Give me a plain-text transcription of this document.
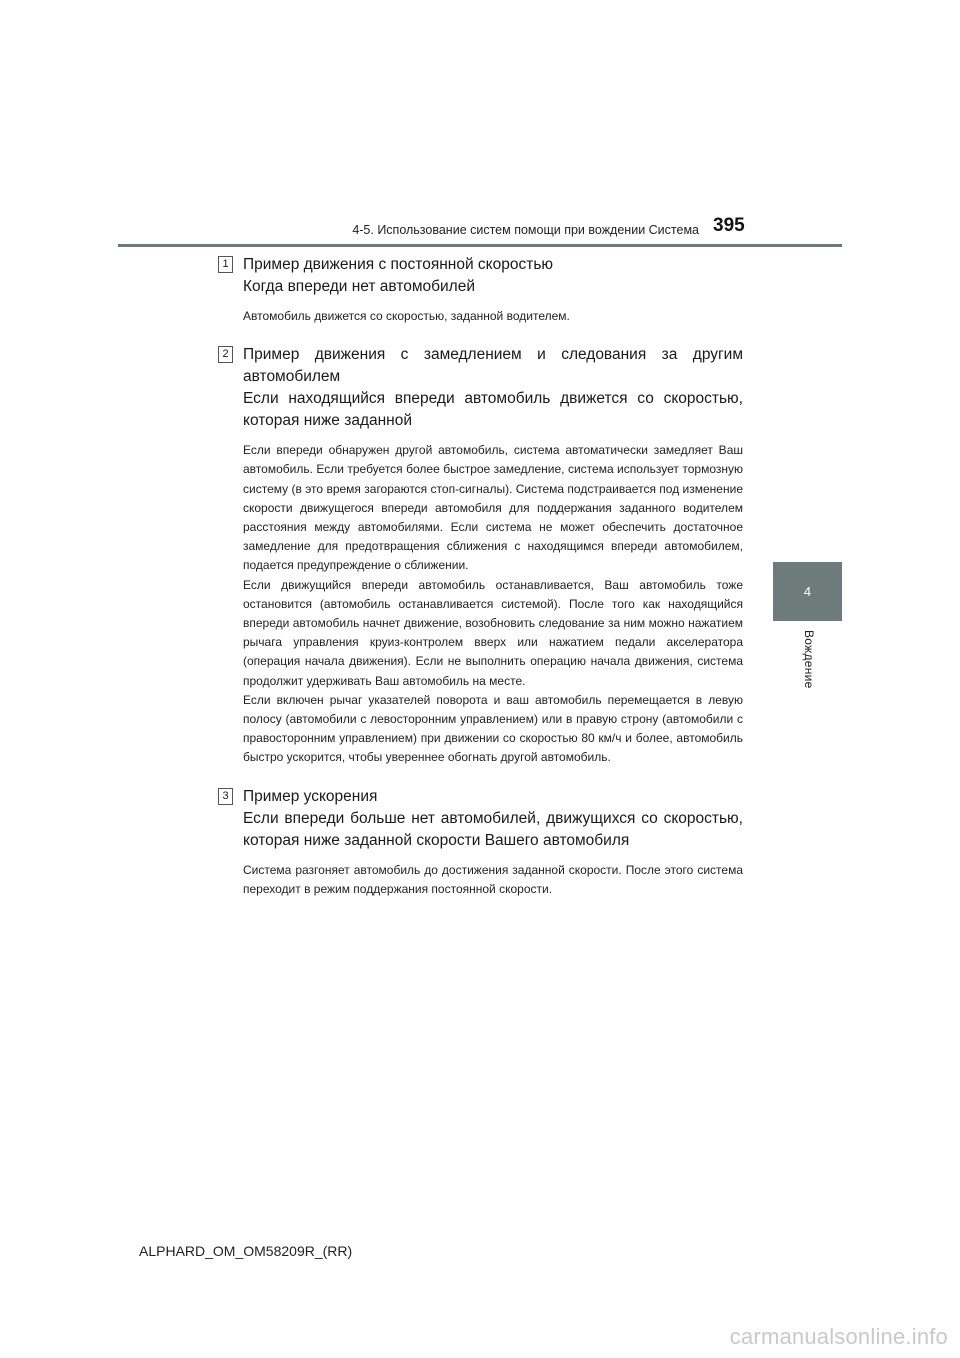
4-5. Использование систем помощи при вождении Система 395
4
Вождение
1 Пример движения с постоянной скоростью
Когда впереди нет автомобилей
Автомобиль движется со скоростью, заданной водителем.
2 Пример движения с замедлением и следования за другим автомобилем
Если находящийся впереди автомобиль движется со скоростью, которая ниже заданной
Если впереди обнаружен другой автомобиль, система автоматически замедляет Ваш автомобиль. Если требуется более быстрое замедление, система использует тормозную систему (в это время загораются стоп-сигналы). Система подстраивается под изменение скорости движущегося впереди автомобиля для поддержания заданного водителем расстояния между автомобилями. Если система не может обеспечить достаточное замедление для предотвращения сближения с находящимся впереди автомобилем, подается предупреждение о сближении.
Если движущийся впереди автомобиль останавливается, Ваш автомобиль тоже остановится (автомобиль останавливается системой). После того как находящийся впереди автомобиль начнет движение, возобновить следование за ним можно нажатием рычага управления круиз-контролем вверх или нажатием педали акселератора (операция начала движения). Если не выполнить операцию начала движения, система продолжит удерживать Ваш автомобиль на месте.
Если включен рычаг указателей поворота и ваш автомобиль перемещается в левую полосу (автомобили с левосторонним управлением) или в правую строну (автомобили с правосторонним управлением) при движении со скоростью 80 км/ч и более, автомобиль быстро ускорится, чтобы увереннее обогнать другой автомобиль.
3 Пример ускорения
Если впереди больше нет автомобилей, движущихся со скоростью, которая ниже заданной скорости Вашего автомобиля
Система разгоняет автомобиль до достижения заданной скорости. После этого система переходит в режим поддержания постоянной скорости.
ALPHARD_OM_OM58209R_(RR)
carmanualsonline.info
